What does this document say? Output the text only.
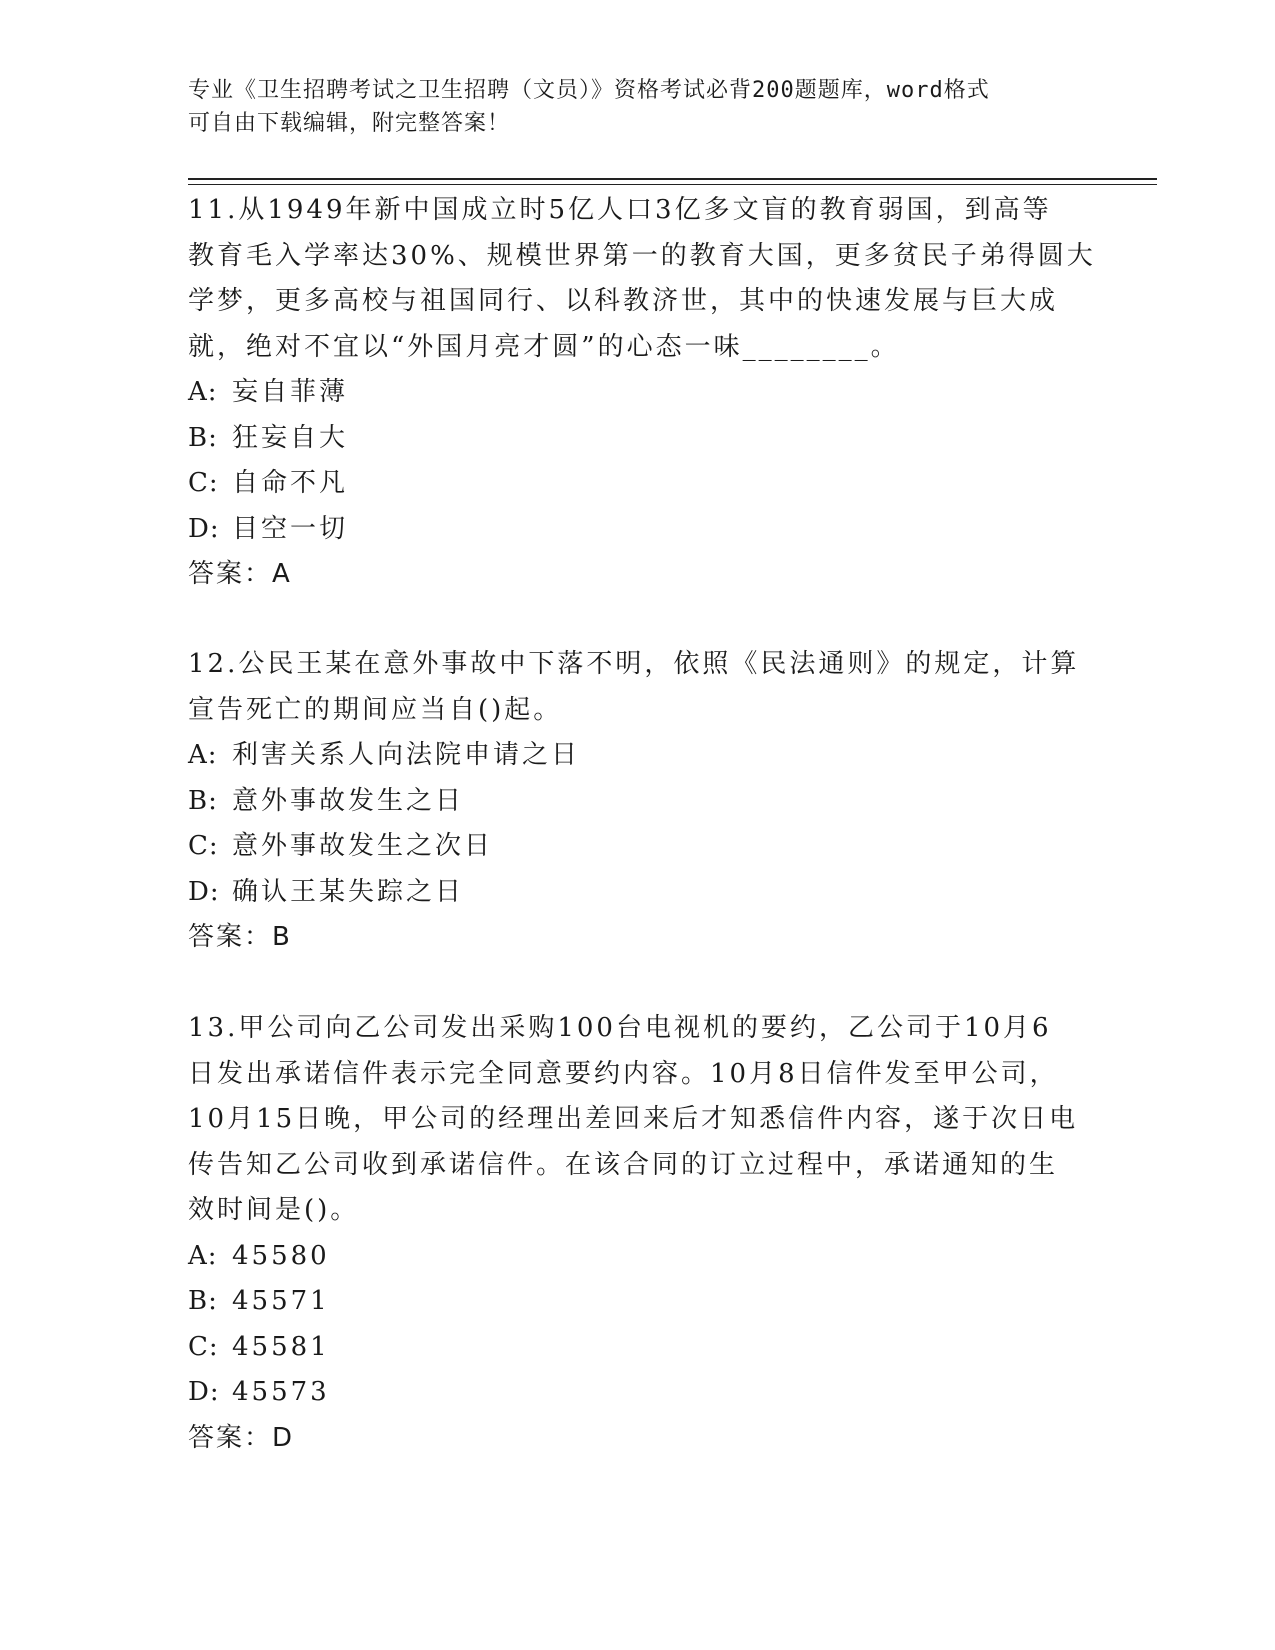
专业《卫生招聘考试之卫生招聘（文员）》资格考试必背200题题库，word格式
可自由下载编辑，附完整答案！
11.从1949年新中国成立时5亿人口3亿多文盲的教育弱国，到高等
教育毛入学率达30%、规模世界第一的教育大国，更多贫民子弟得圆大
学梦，更多高校与祖国同行、以科教济世，其中的快速发展与巨大成
就，绝对不宜以“外国月亮才圆”的心态一味________。
A: 妄自菲薄
B: 狂妄自大
C: 自命不凡
D: 目空一切
答案：A
12.公民王某在意外事故中下落不明，依照《民法通则》的规定，计算
宣告死亡的期间应当自()起。
A: 利害关系人向法院申请之日
B: 意外事故发生之日
C: 意外事故发生之次日
D: 确认王某失踪之日
答案：B
13.甲公司向乙公司发出采购100台电视机的要约，乙公司于10月6
日发出承诺信件表示完全同意要约内容。10月8日信件发至甲公司，
10月15日晚，甲公司的经理出差回来后才知悉信件内容，遂于次日电
传告知乙公司收到承诺信件。在该合同的订立过程中，承诺通知的生
效时间是()。
A: 45580
B: 45571
C: 45581
D: 45573
答案：D
